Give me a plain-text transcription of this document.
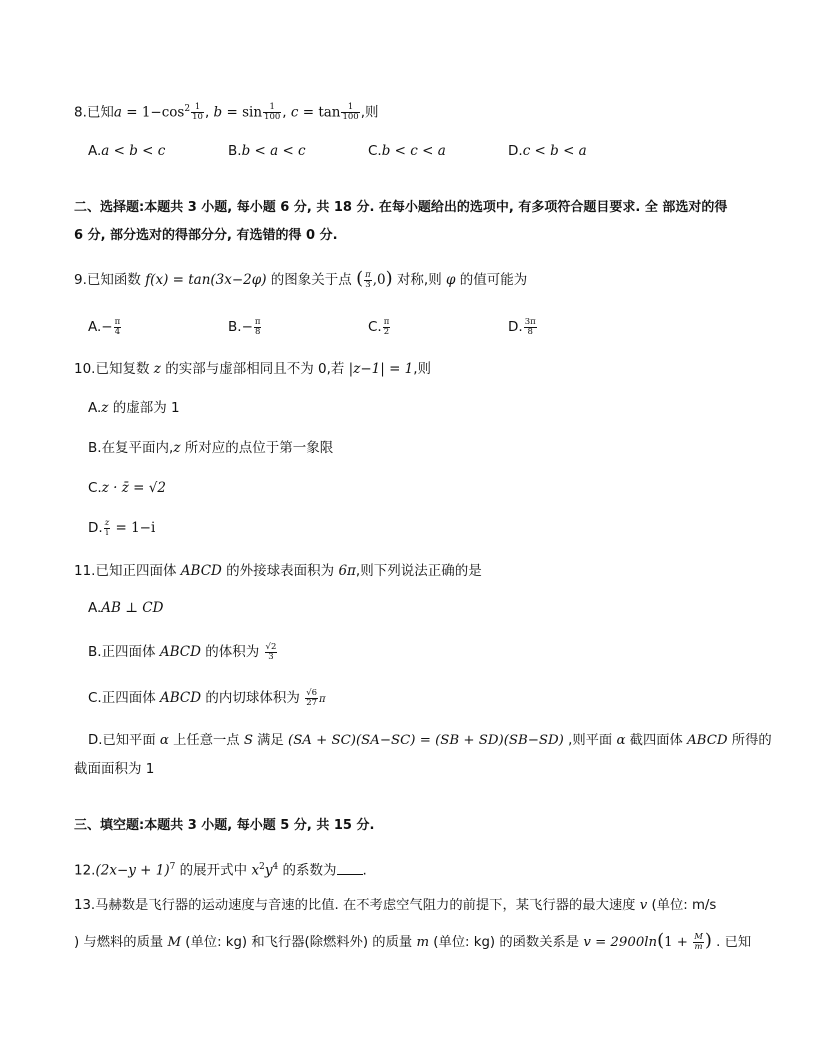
8.已知$a = 1-\cos^2 \frac{1}{10}$ , $b = \sin \frac{1}{100}$ , $c = \tan \frac{1}{100}$ ,则
A.a < b < c	B.b < a < c	C.b < c < a	D.c < b < a
二、选择题:本题共 3 小题, 每小题 6 分, 共 18 分. 在每小题给出的选项中, 有多项符合题目要求. 全 部选对的得
6 分, 部分选对的得部分分, 有选错的得 0 分.
9.已知函数 f(x) = tan(3x−2φ) 的图象关于点 ( $\frac{\pi}{3} ,0$) 对称,则 φ 的值可能为
$A.- \frac{\pi}{4}$	$B.- \frac{\pi}{8}$	C. $\frac{\pi}{2}$	D. $\frac{3\pi}{8}$
10.已知复数 z 的实部与虚部相同且不为 0,若 |z−1| = 1,则
A.z 的虚部为 1
B.在复平面内,z 所对应的点位于第一象限
C.z · z̄ = √2
D. $\frac{z}{i} = 1-i$
11.已知正四面体 ABCD 的外接球表面积为 6π,则下列说法正确的是
A.AB ⊥ CD
B.正四面体 ABCD 的体积为 $\frac{√2}{3}$
C.正四面体 ABCD 的内切球体积为 $\frac{√6}{27}$ π
D.已知平面 α 上任意一点 S 满足 (SA + SC)(SA−SC) = (SB + SD)(SB−SD) ,则平面 α 截四面体 ABCD 所得的
截面面积为 1
三、填空题:本题共 3 小题, 每小题 5 分, 共 15 分.
$12.(2x-y + 1)^7$ 的展开式中 $x^2y^4$ 的系数为 .
13.马赫数是飞行器的运动速度与音速的比值. 在不考虑空气阻力的前提下，某飞行器的最大速度 v (单位: m/s
) 与燃料的质量 M (单位: kg) 和飞行器(除燃料外) 的质量 m (单位: kg) 的函数关系是 $v = 2900\ln(1 + \frac{M}{m}$ ) . 已知
